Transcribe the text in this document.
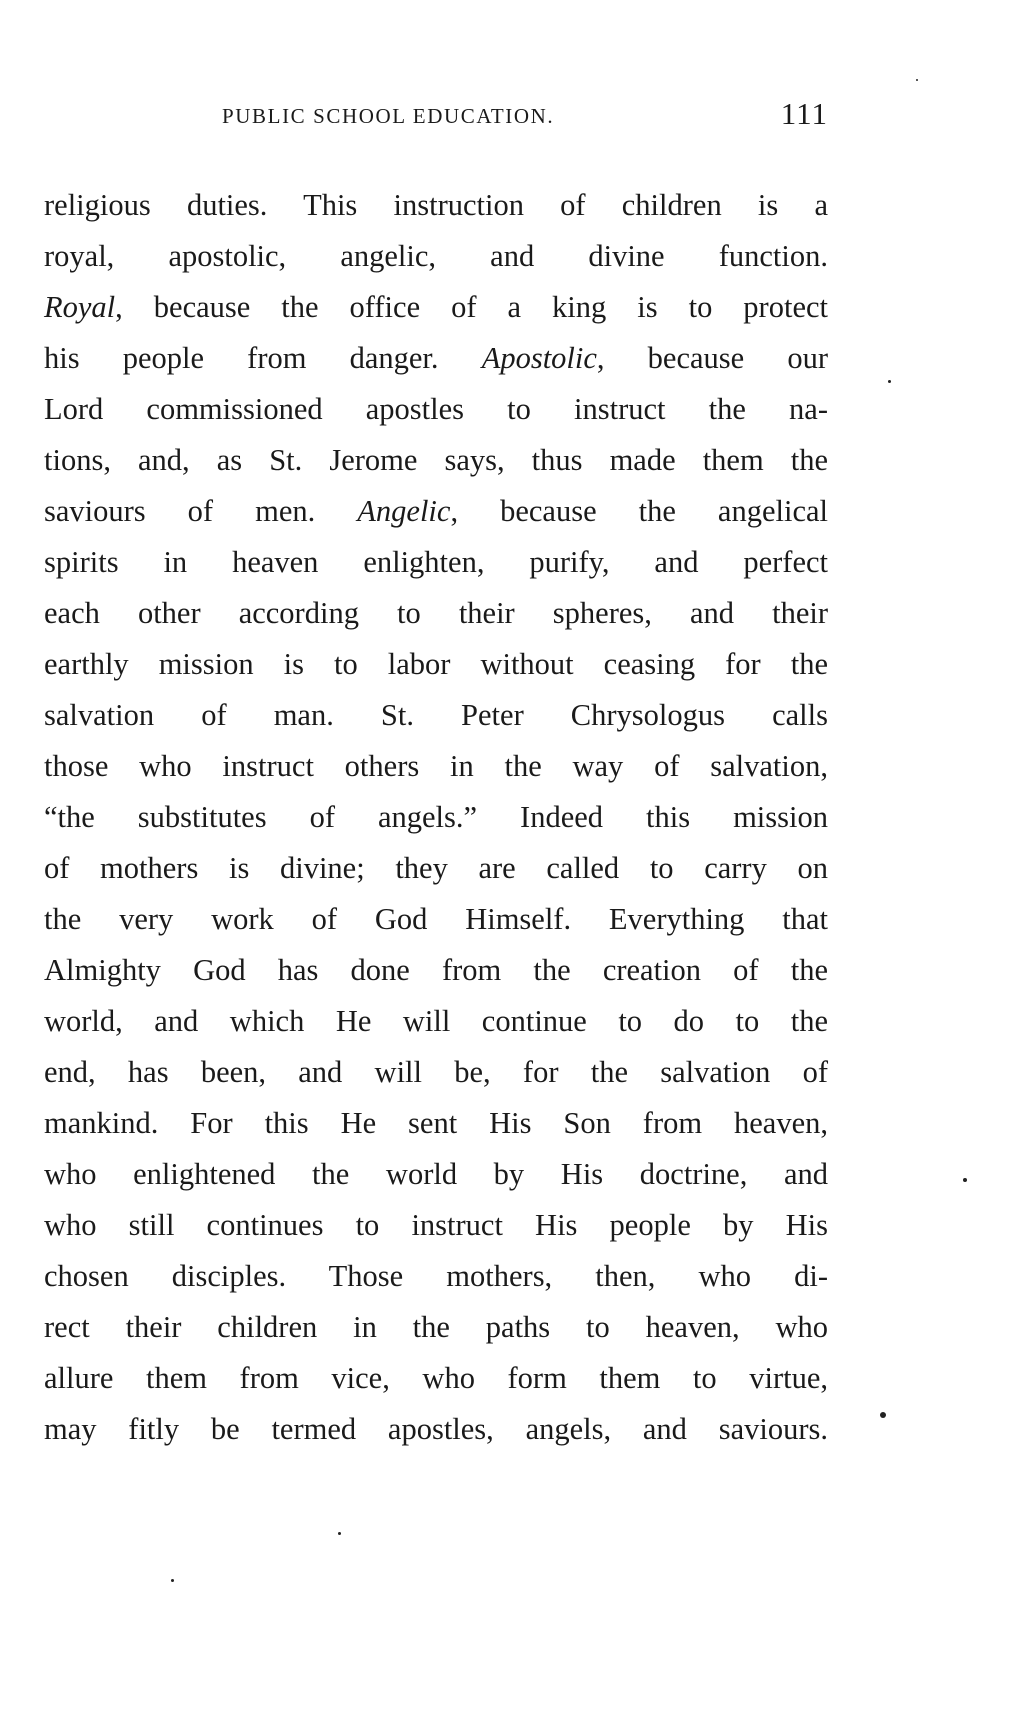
PUBLIC SCHOOL EDUCATION.	111
religious duties. This instruction of children is a
royal, apostolic, angelic, and divine function.
Royal, because the office of a king is to protect
his people from danger. Apostolic, because our
Lord commissioned apostles to instruct the na-
tions, and, as St. Jerome says, thus made them the
saviours of men. Angelic, because the angelical
spirits in heaven enlighten, purify, and perfect
each other according to their spheres, and their
earthly mission is to labor without ceasing for the
salvation of man. St. Peter Chrysologus calls
those who instruct others in the way of salvation,
“the substitutes of angels.” Indeed this mission
of mothers is divine; they are called to carry on
the very work of God Himself. Everything that
Almighty God has done from the creation of the
world, and which He will continue to do to the
end, has been, and will be, for the salvation of
mankind. For this He sent His Son from heaven,
who enlightened the world by His doctrine, and
who still continues to instruct His people by His
chosen disciples. Those mothers, then, who di-
rect their children in the paths to heaven, who
allure them from vice, who form them to virtue,
may fitly be termed apostles, angels, and saviours.
